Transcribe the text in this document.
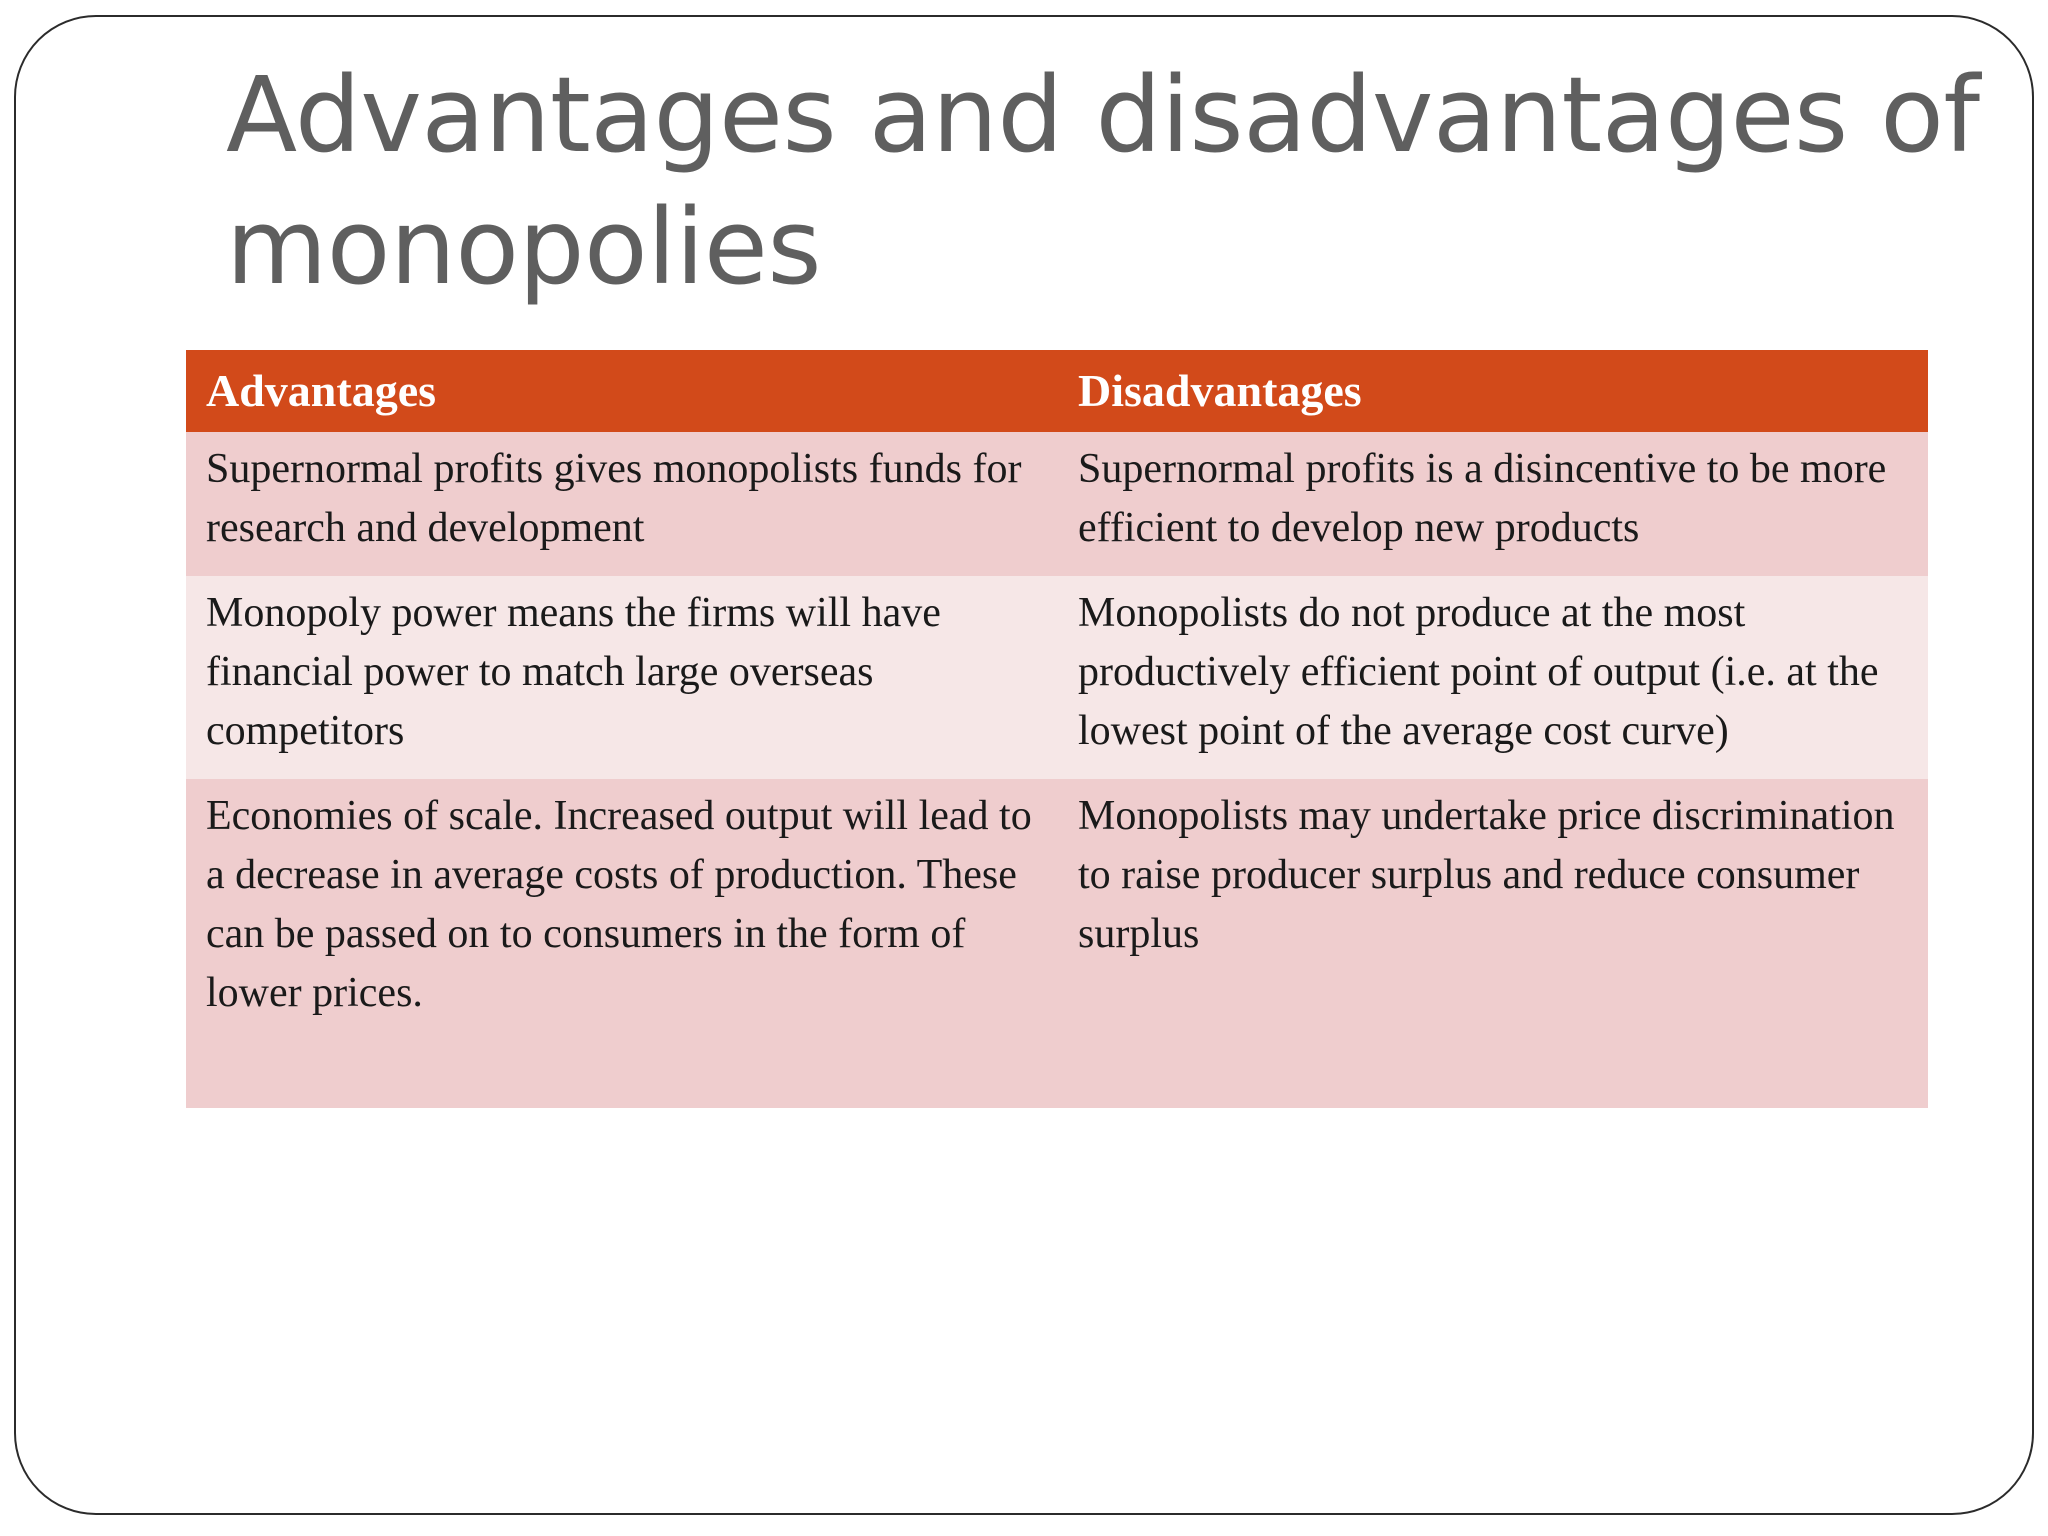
Advantages and disadvantages of monopolies
Advantages	Disadvantages
Supernormal profits gives monopolists funds for research and development	Supernormal profits is a disincentive to be more efficient to develop new products
Monopoly power means the firms will have financial power to match large overseas competitors	Monopolists do not produce at the most productively efficient point of output (i.e. at the lowest point of the average cost curve)
Economies of scale. Increased output will lead to a decrease in average costs of production. These can be passed on to consumers in the form of lower prices.	Monopolists may undertake price discrimination to raise producer surplus and reduce consumer surplus
